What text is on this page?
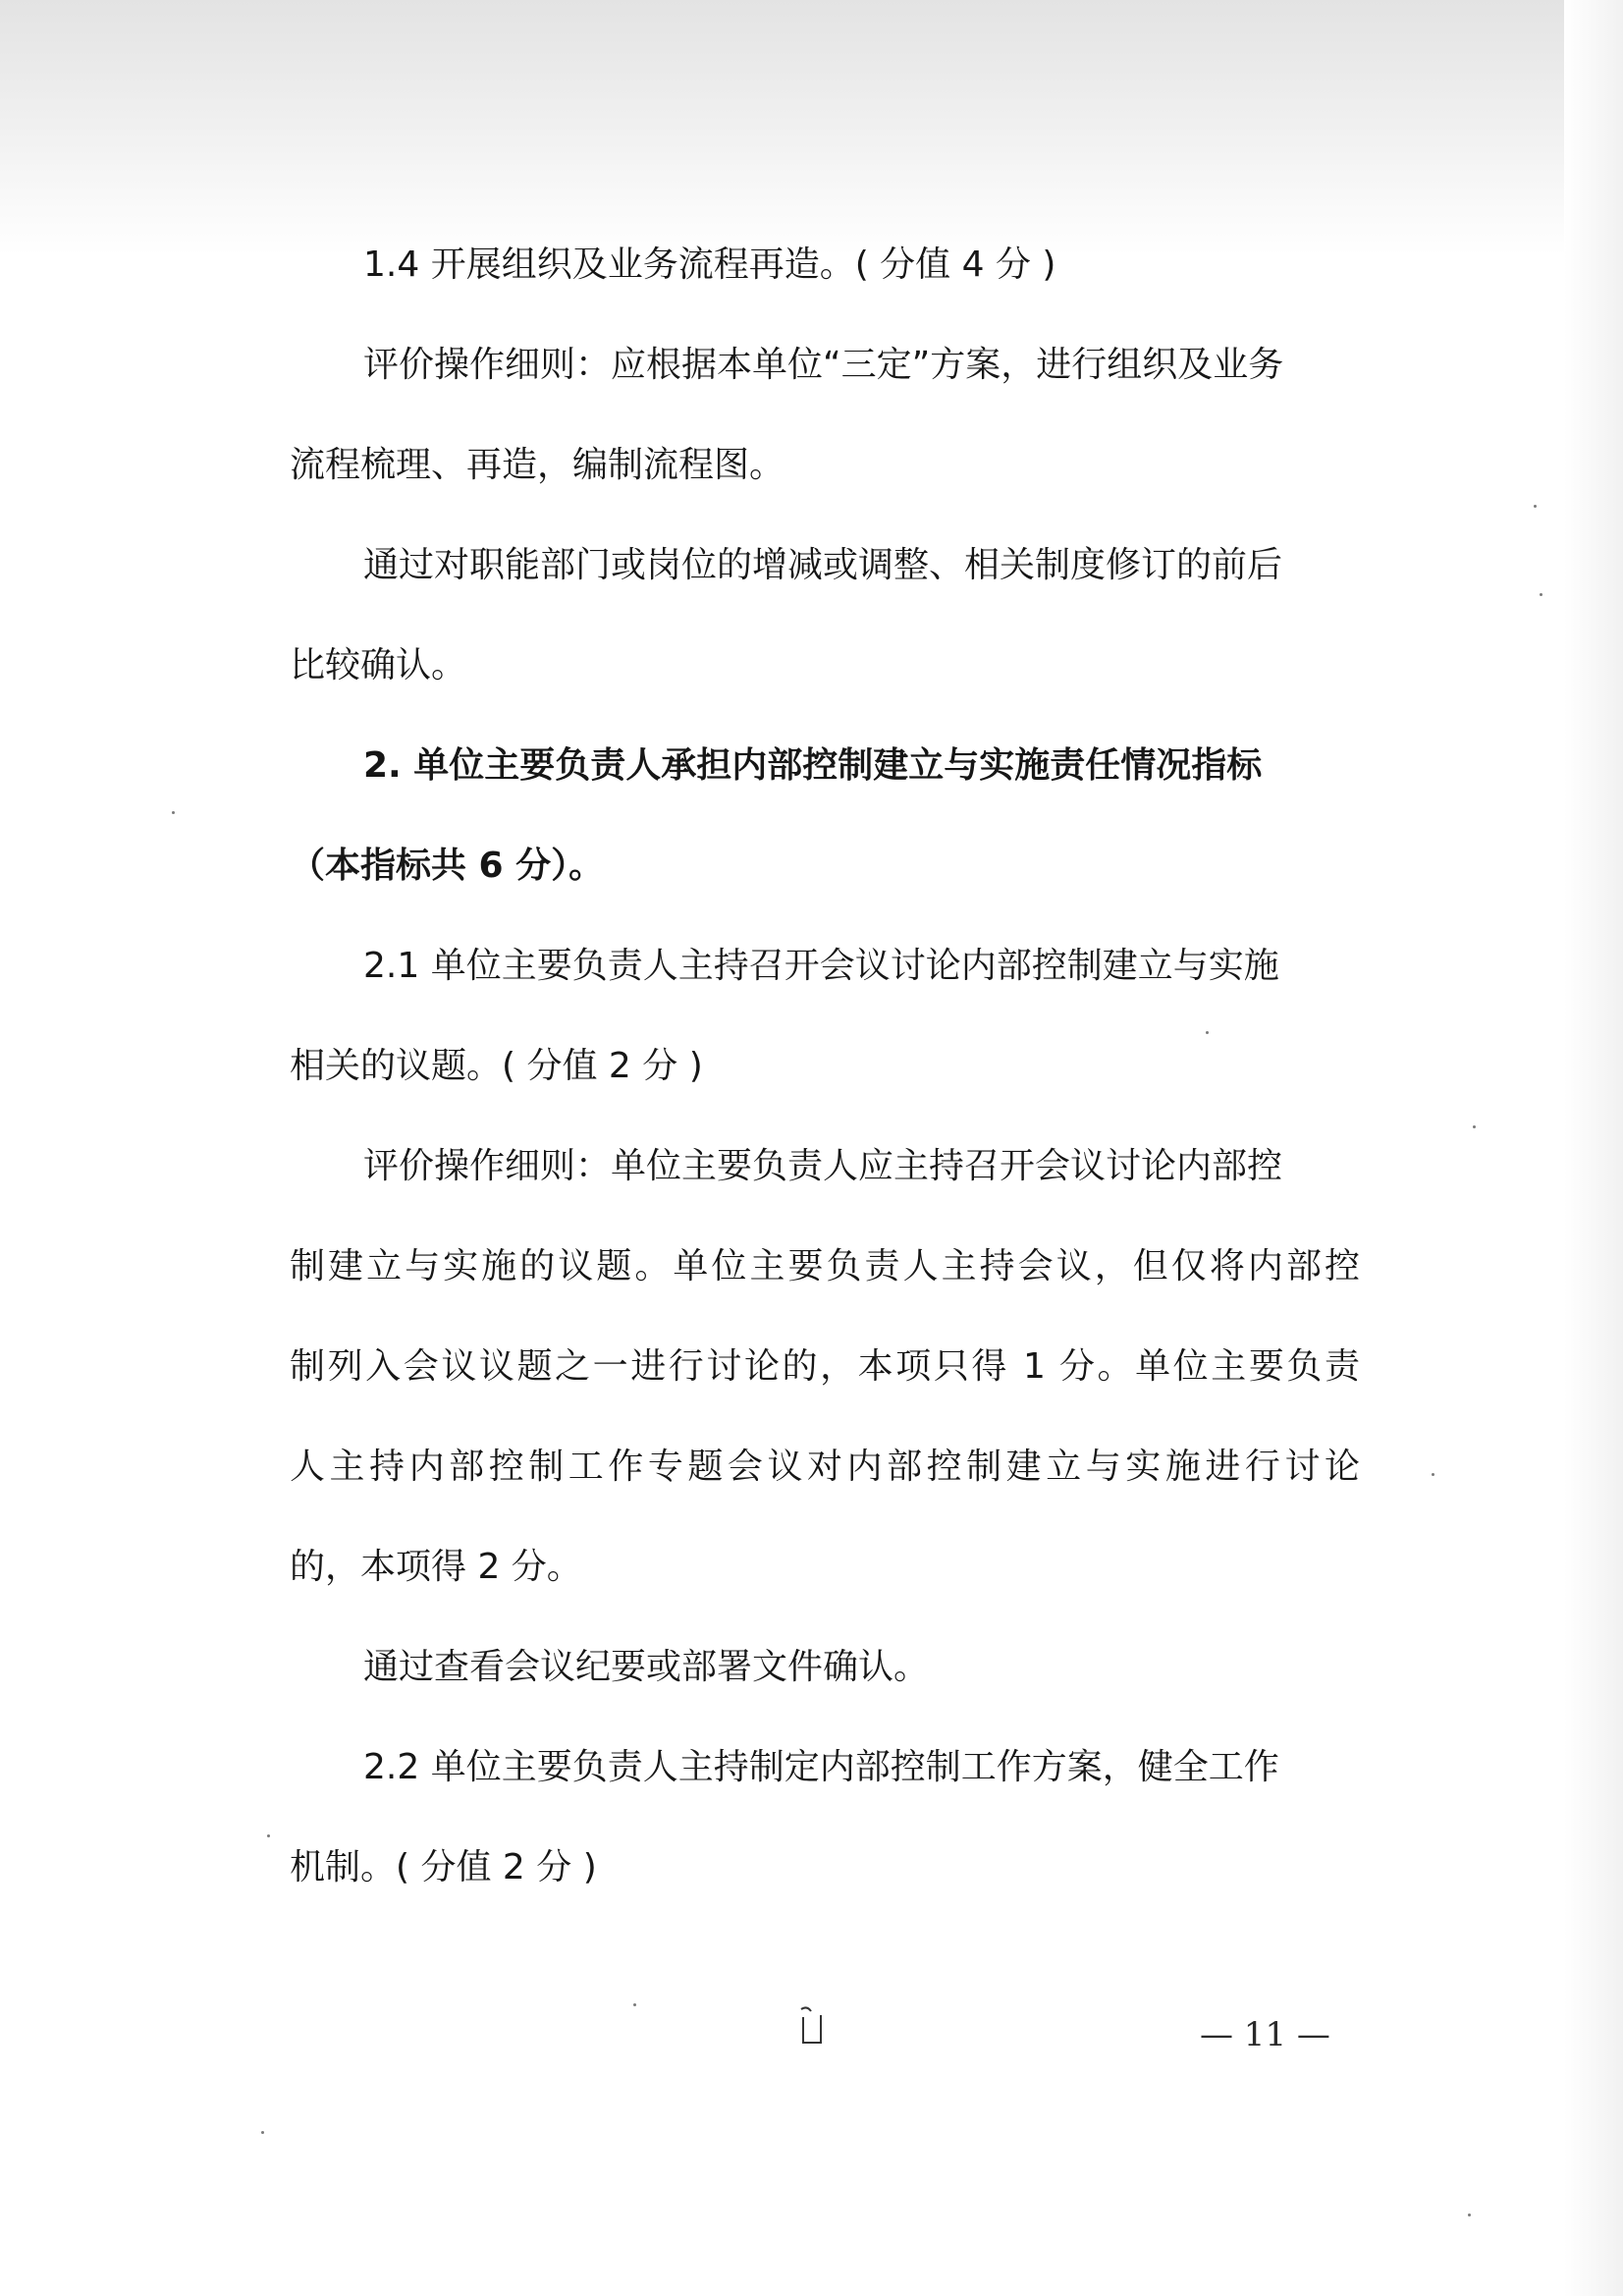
1.4 开展组织及业务流程再造。( 分值 4 分 )

评价操作细则：应根据本单位“三定”方案，进行组织及业务

流程梳理、再造，编制流程图。

通过对职能部门或岗位的增减或调整、相关制度修订的前后

比较确认。

2. 单位主要负责人承担内部控制建立与实施责任情况指标

（本指标共 6 分）。

2.1 单位主要负责人主持召开会议讨论内部控制建立与实施

相关的议题。( 分值 2 分 )

评价操作细则：单位主要负责人应主持召开会议讨论内部控

制建立与实施的议题。单位主要负责人主持会议，但仅将内部控

制列入会议议题之一进行讨论的，本项只得 1 分。单位主要负责

人主持内部控制工作专题会议对内部控制建立与实施进行讨论

的，本项得 2 分。

通过查看会议纪要或部署文件确认。

2.2 单位主要负责人主持制定内部控制工作方案，健全工作

机制。( 分值 2 分 )

— 11 —
